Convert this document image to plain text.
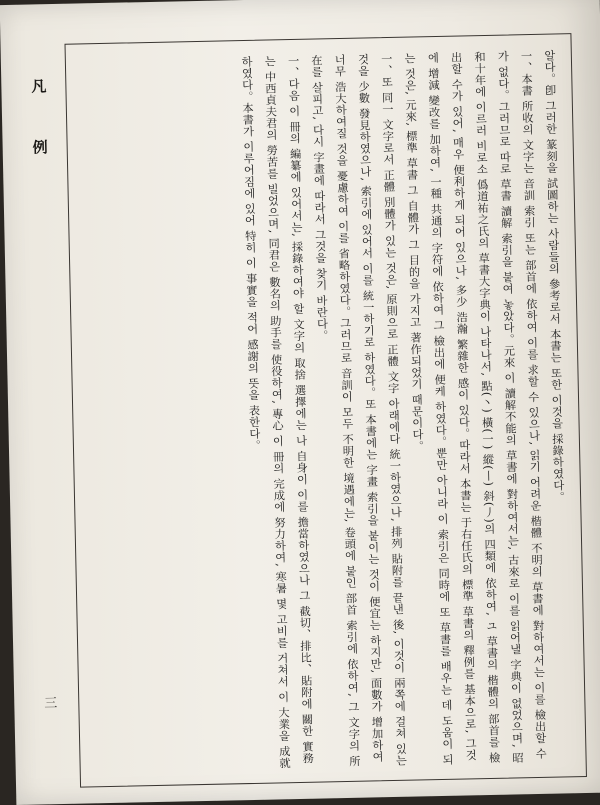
凡 例
三

알다。卽 그러한 篆刻을 試圖하는 사람들의 參考로서 本書는 또한 이것을 採錄하였다。

一、本書 所收의 文字는 音訓 索引 또는 部首에 依하여 이를 求할 수 있으나, 읽기 어려운 楷體 不明의 草書에 對하여서는 이를 檢出할 수가 없다。그러므로 따로 草書 讀解 索引을 붙여 놓았다。元來 이 讀解不能의 草書에 對하여서는, 古來로 이를 읽어낼 字典이 없었으며, 昭和十年에 이르러 비로소 僞道祐之氏의 草書大字典이 나타나서, 點(丶) 橫(一) 縱(丨) 斜(丿)의 四類에 依하여, ユ 草書의 楷體의 部首를 檢出할 수가 있어, 매우 便利하게 되어 있으나, 多少 浩瀚 繁雜한 感이 있다。따라서 本書는 于右任氏의 標準 草書의 釋例를 基本으로, 그것에 增減 變改를 加하여, 一種 共通의 字符에 依하여 그 檢出에 便케 하였다。뿐만 아니라 이 索引은 同時에 또 草書를 배우는 데 도움이 되는 것은, 元來, 標準 草書 그 自體가 그 目的을 가지고 著作되었기 때문이다。

一、또 同一 文字로서 正體 別體가 있는 것은, 原則으로 正體 文字 아래에다 統一하였으나, 排列 貼附를 끝낸 後, 이것이 兩쪽에 걸쳐 있는 것을 少數 發見하였으나, 索引에 있어서 이를 統一하기로 하였다。또 本書에는 字畫 索引을 붙이는 것이 便宜는 하지만, 面數가 增加하여 너무 浩大하여질 것을 憂慮하여 이를 省略하였다。그러므로 音訓이 모두 不明한 境遇에는, 卷頭에 붙인 部首 索引에 依하여, 그 文字의 所在를 살피고, 다시 字畫에 따라서 그것을 찾기 바란다。

一、다음 이 冊의 編纂에 있어서는, 採錄하여야 할 文字의 取捨 選擇에는 나 自身이 이를 擔當하였으나 그 截切、排比、貼附에 關한 實務는 中西貞夫君의 勞苦를 빌었으며, 同君은 數名의 助手를 使役하여, 專心 이 冊의 完成에 努力하여, 寒暑 몇 고비를 거쳐서 이 大業을 成就하였다。本書가 이루어짐에 있어 特히 이 事實을 적어 感謝의 뜻을 表한다。
